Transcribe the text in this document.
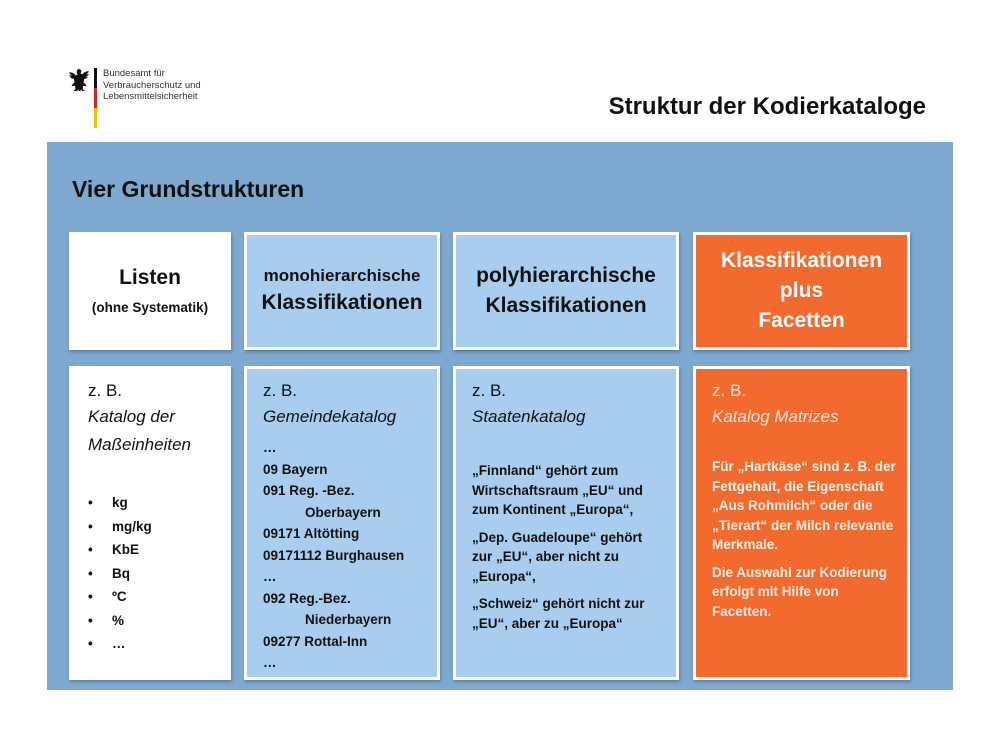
Bundesamt für
Verbraucherschutz und
Lebensmittelsicherheit	Struktur der Kodierkataloge
Vier Grundstrukturen
Listen
(ohne Systematik)
z. B.
Katalog der Maßeinheiten
• kg
• mg/kg
• KbE
• Bq
• ºC
• %
• …
monohierarchische
Klassifikationen
z. B.
Gemeindekatalog
…
09 Bayern
091 Reg. -Bez.
Oberbayern
09171 Altötting
09171112 Burghausen
…
092 Reg.-Bez.
Niederbayern
09277 Rottal-Inn
…
polyhierarchische
Klassifikationen
z. B.
Staatenkatalog

„Finnland“ gehört zum Wirtschaftsraum „EU“ und zum Kontinent „Europa“,

„Dep. Guadeloupe“ gehört zur „EU“, aber nicht zu „Europa“,

„Schweiz“ gehört nicht zur „EU“, aber zu „Europa“

Klassifikationen
plus
Facetten
z. B.
Katalog Matrizes

Für „Hartkäse“ sind z. B. der Fettgehalt, die Eigenschaft „Aus Rohmilch“ oder die „Tierart“ der Milch relevante Merkmale.

Die Auswahl zur Kodierung erfolgt mit Hilfe von Facetten.
